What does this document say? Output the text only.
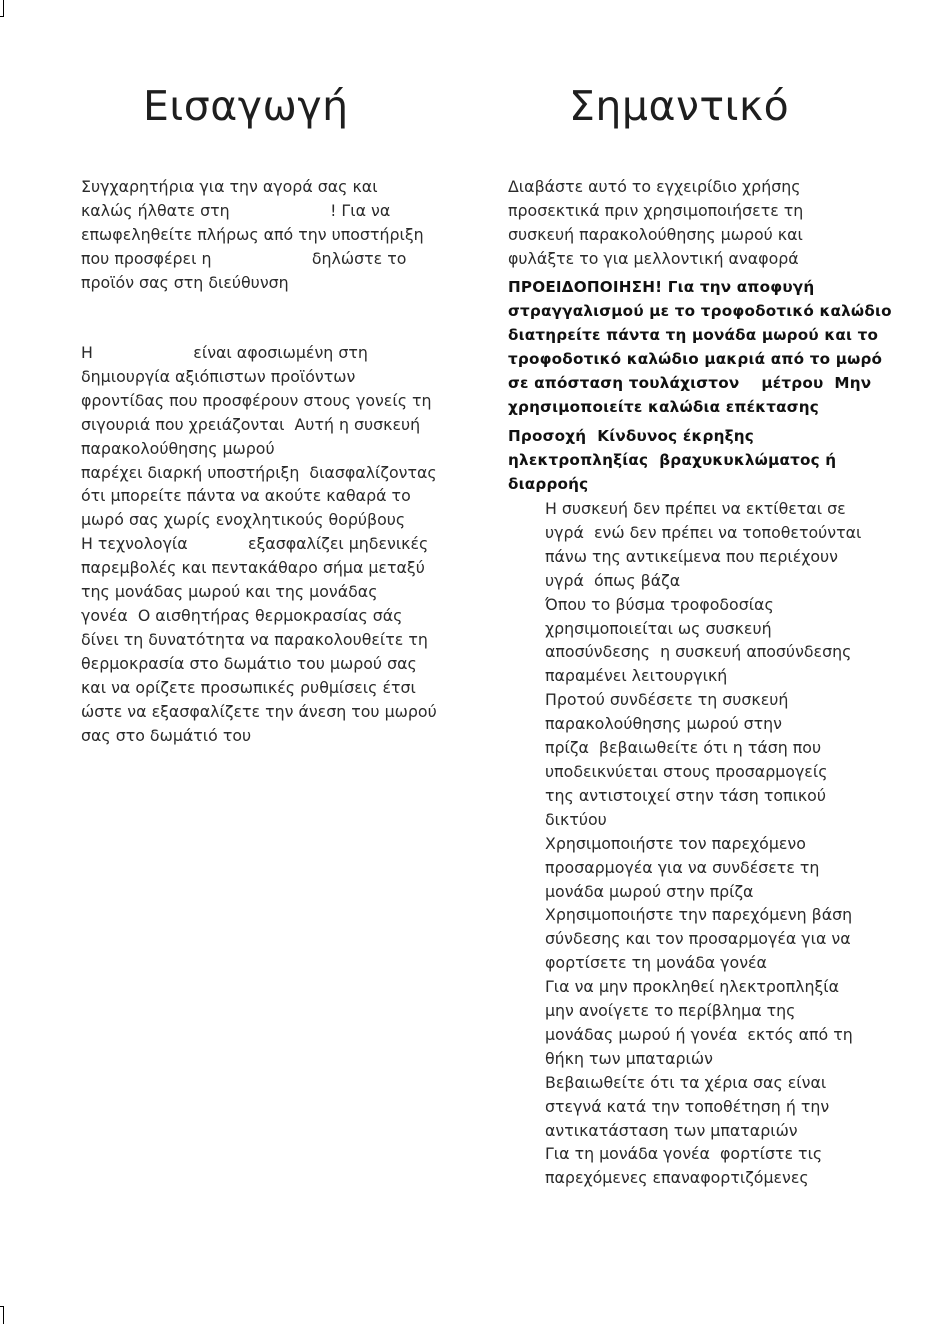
Εισαγωγή
Συγχαρητήρια για την αγορά σας και
καλώς ήλθατε στη                    ! Για να
επωφεληθείτε πλήρως από την υποστήριξη
που προσφέρει η                    δηλώστε το
προϊόν σας στη διεύθυνση
Η                    είναι αφοσιωμένη στη
δημιουργία αξιόπιστων προϊόντων
φροντίδας που προσφέρουν στους γονείς τη
σιγουριά που χρειάζονται  Αυτή η συσκευή
παρακολούθησης μωρού
παρέχει διαρκή υποστήριξη  διασφαλίζοντας
ότι μπορείτε πάντα να ακούτε καθαρά το
μωρό σας χωρίς ενοχλητικούς θορύβους
Η τεχνολογία            εξασφαλίζει μηδενικές
παρεμβολές και πεντακάθαρο σήμα μεταξύ
της μονάδας μωρού και της μονάδας
γονέα  Ο αισθητήρας θερμοκρασίας σάς
δίνει τη δυνατότητα να παρακολουθείτε τη
θερμοκρασία στο δωμάτιο του μωρού σας
και να ορίζετε προσωπικές ρυθμίσεις έτσι
ώστε να εξασφαλίζετε την άνεση του μωρού
σας στο δωμάτιό του
Σημαντικό
Διαβάστε αυτό το εγχειρίδιο χρήσης
προσεκτικά πριν χρησιμοποιήσετε τη
συσκευή παρακολούθησης μωρού και
φυλάξτε το για μελλοντική αναφορά
ΠΡΟΕΙΔΟΠΟΙΗΣΗ! Για την αποφυγή
στραγγαλισμού με το τροφοδοτικό καλώδιο
διατηρείτε πάντα τη μονάδα μωρού και το
τροφοδοτικό καλώδιο μακριά από το μωρό
σε απόσταση τουλάχιστον    μέτρου  Μην
χρησιμοποιείτε καλώδια επέκτασης
Προσοχή  Κίνδυνος έκρηξης
ηλεκτροπληξίας  βραχυκυκλώματος ή
διαρροής
Η συσκευή δεν πρέπει να εκτίθεται σε
υγρά  ενώ δεν πρέπει να τοποθετούνται
πάνω της αντικείμενα που περιέχουν
υγρά  όπως βάζα
Όπου το βύσμα τροφοδοσίας
χρησιμοποιείται ως συσκευή
αποσύνδεσης  η συσκευή αποσύνδεσης
παραμένει λειτουργική
Προτού συνδέσετε τη συσκευή
παρακολούθησης μωρού στην
πρίζα  βεβαιωθείτε ότι η τάση που
υποδεικνύεται στους προσαρμογείς
της αντιστοιχεί στην τάση τοπικού
δικτύου
Χρησιμοποιήστε τον παρεχόμενο
προσαρμογέα για να συνδέσετε τη
μονάδα μωρού στην πρίζα
Χρησιμοποιήστε την παρεχόμενη βάση
σύνδεσης και τον προσαρμογέα για να
φορτίσετε τη μονάδα γονέα
Για να μην προκληθεί ηλεκτροπληξία
μην ανοίγετε το περίβλημα της
μονάδας μωρού ή γονέα  εκτός από τη
θήκη των μπαταριών
Βεβαιωθείτε ότι τα χέρια σας είναι
στεγνά κατά την τοποθέτηση ή την
αντικατάσταση των μπαταριών
Για τη μονάδα γονέα  φορτίστε τις
παρεχόμενες επαναφορτιζόμενες
